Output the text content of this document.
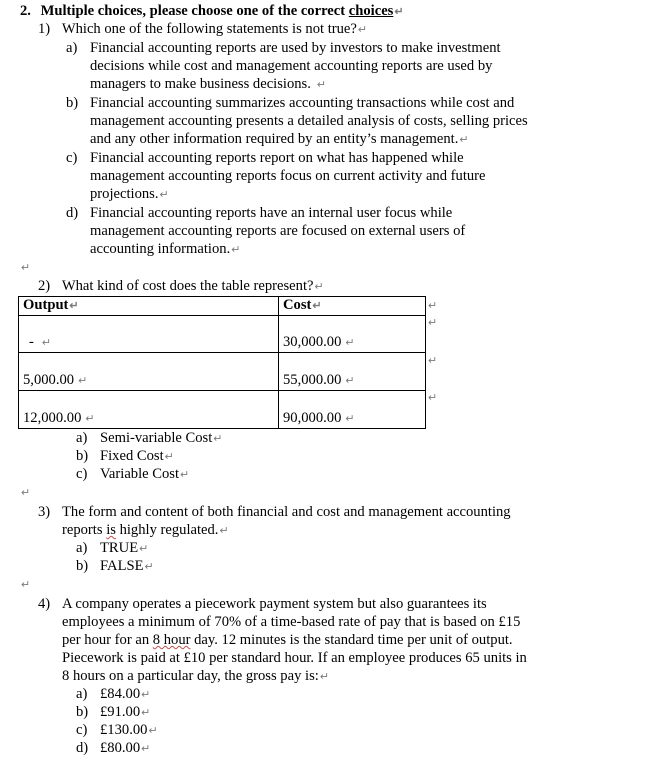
2. Multiple choices, please choose one of the correct choices↵
1) Which one of the following statements is not true?↵
a) Financial accounting reports are used by investors to make investment
decisions while cost and management accounting reports are used by
managers to make business decisions. ↵
b) Financial accounting summarizes accounting transactions while cost and
management accounting presents a detailed analysis of costs, selling prices
and any other information required by an entity’s management.↵
c) Financial accounting reports report on what has happened while
management accounting reports focus on current activity and future
projections.↵
d) Financial accounting reports have an internal user focus while
management accounting reports are focused on external users of
accounting information.↵
↵
2) What kind of cost does the table represent?↵
Output↵	Cost↵
- ↵	30,000.00 ↵
5,000.00 ↵	55,000.00 ↵
12,000.00 ↵	90,000.00 ↵
↵
↵
↵
↵
a) Semi-variable Cost↵
b) Fixed Cost↵
c) Variable Cost↵
↵
3) The form and content of both financial and cost and management accounting
reports is highly regulated.↵
a) TRUE↵
b) FALSE↵
↵
4) A company operates a piecework payment system but also guarantees its
employees a minimum of 70% of a time-based rate of pay that is based on £15
per hour for an 8 hour day. 12 minutes is the standard time per unit of output.
Piecework is paid at £10 per standard hour. If an employee produces 65 units in
8 hours on a particular day, the gross pay is:↵
a) £84.00↵
b) £91.00↵
c) £130.00↵
d) £80.00↵
